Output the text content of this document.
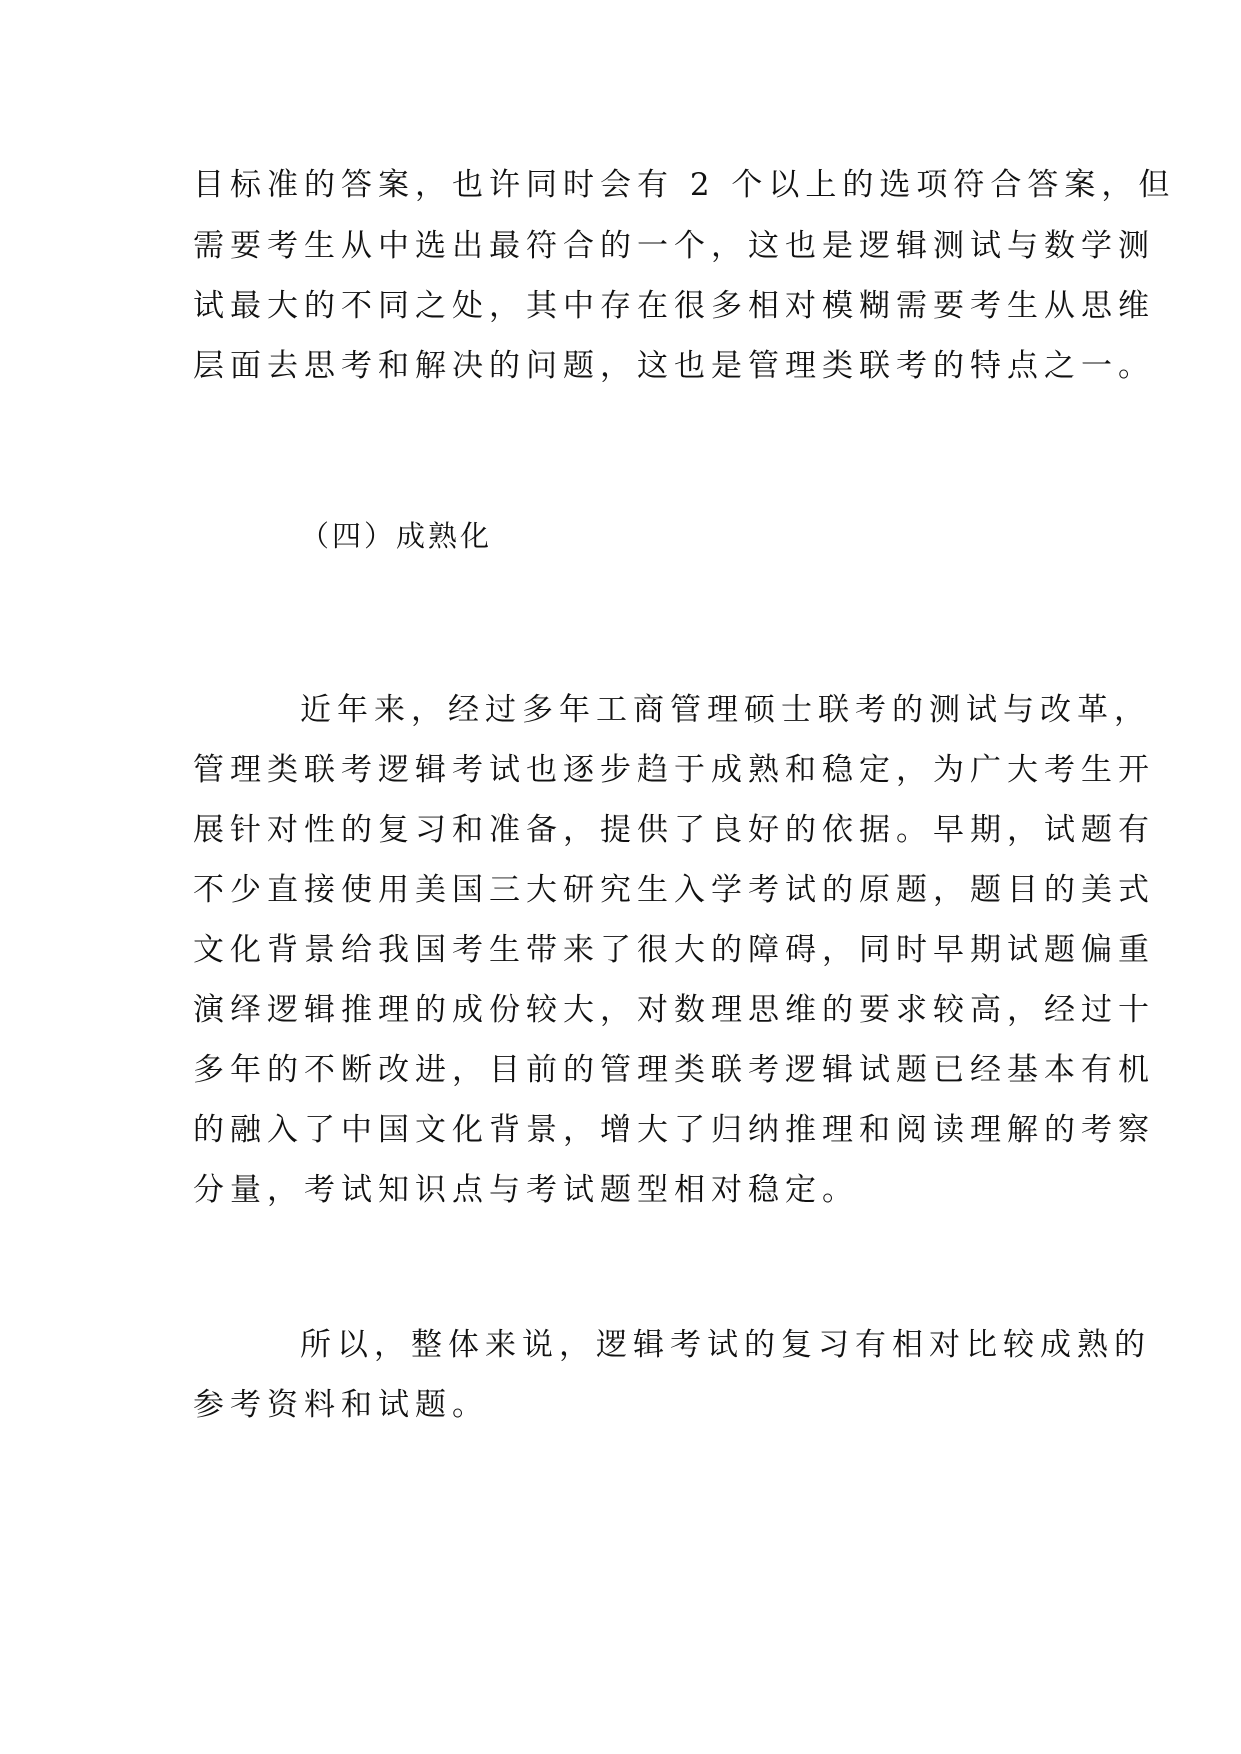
目标准的答案，也许同时会有 2 个以上的选项符合答案，但
需要考生从中选出最符合的一个，这也是逻辑测试与数学测
试最大的不同之处，其中存在很多相对模糊需要考生从思维
层面去思考和解决的问题，这也是管理类联考的特点之一。
（四）成熟化
近年来，经过多年工商管理硕士联考的测试与改革，
管理类联考逻辑考试也逐步趋于成熟和稳定，为广大考生开
展针对性的复习和准备，提供了良好的依据。早期，试题有
不少直接使用美国三大研究生入学考试的原题，题目的美式
文化背景给我国考生带来了很大的障碍，同时早期试题偏重
演绎逻辑推理的成份较大，对数理思维的要求较高，经过十
多年的不断改进，目前的管理类联考逻辑试题已经基本有机
的融入了中国文化背景，增大了归纳推理和阅读理解的考察
分量，考试知识点与考试题型相对稳定。
所以，整体来说，逻辑考试的复习有相对比较成熟的
参考资料和试题。
